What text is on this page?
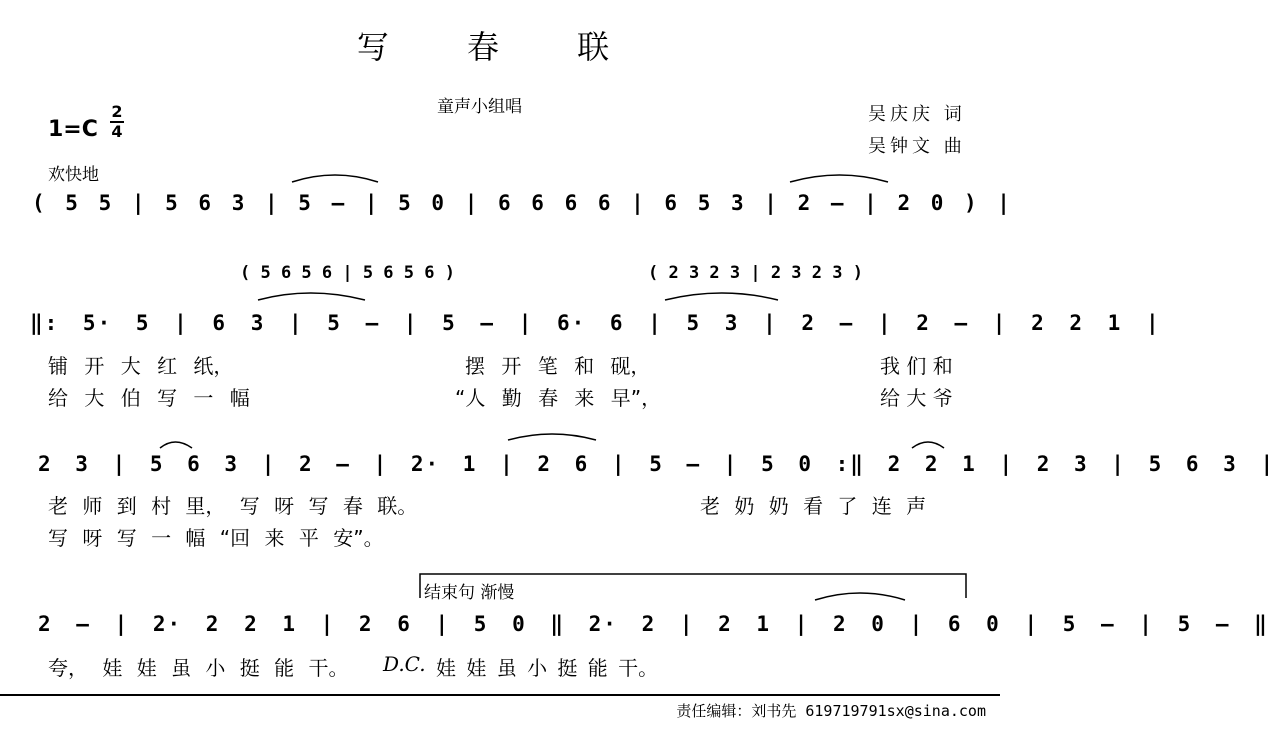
写 春 联
童声小组唱	吴庆庆 词
吴钟文 曲
1=C
2
4
欢快地
( 5 5 | 5 6 3 | 5 – | 5 0 | 6 6 6 6 | 6 5 3 | 2 – | 2 0 ) |
( 5 6 5 6 | 5 6 5 6 )	( 2 3 2 3 | 2 3 2 3 )
‖: 5· 5 | 6 3 | 5 – | 5 – | 6· 6 | 5 3 | 2 – | 2 – | 2 2 1 |
铺 开 大 红 纸，	摆 开 笔 和 砚，	我 们 和
给 大 伯 写 一 幅	“人 勤 春 来 早”，	给 大 爷
2 3 | 5 6 3 | 2 – | 2· 1 | 2 6 | 5 – | 5 0 :‖ 2 2 1 | 2 3 | 5 6 3 |
老 师 到 村 里， 写 呀 写 春 联。	老 奶 奶 看 了 连 声
写 呀 写 一 幅 “回 来 平 安”。
结束句 渐慢
2 – | 2· 2 2 1 | 2 6 | 5 0 ‖ 2· 2 | 2 1 | 2 0 | 6 0 | 5 – | 5 – ‖
夸， 娃 娃 虽 小 挺 能 干。 D.C. 娃 娃 虽 小 挺 能 干。
责任编辑：刘书先 619719791sx@sina.com
